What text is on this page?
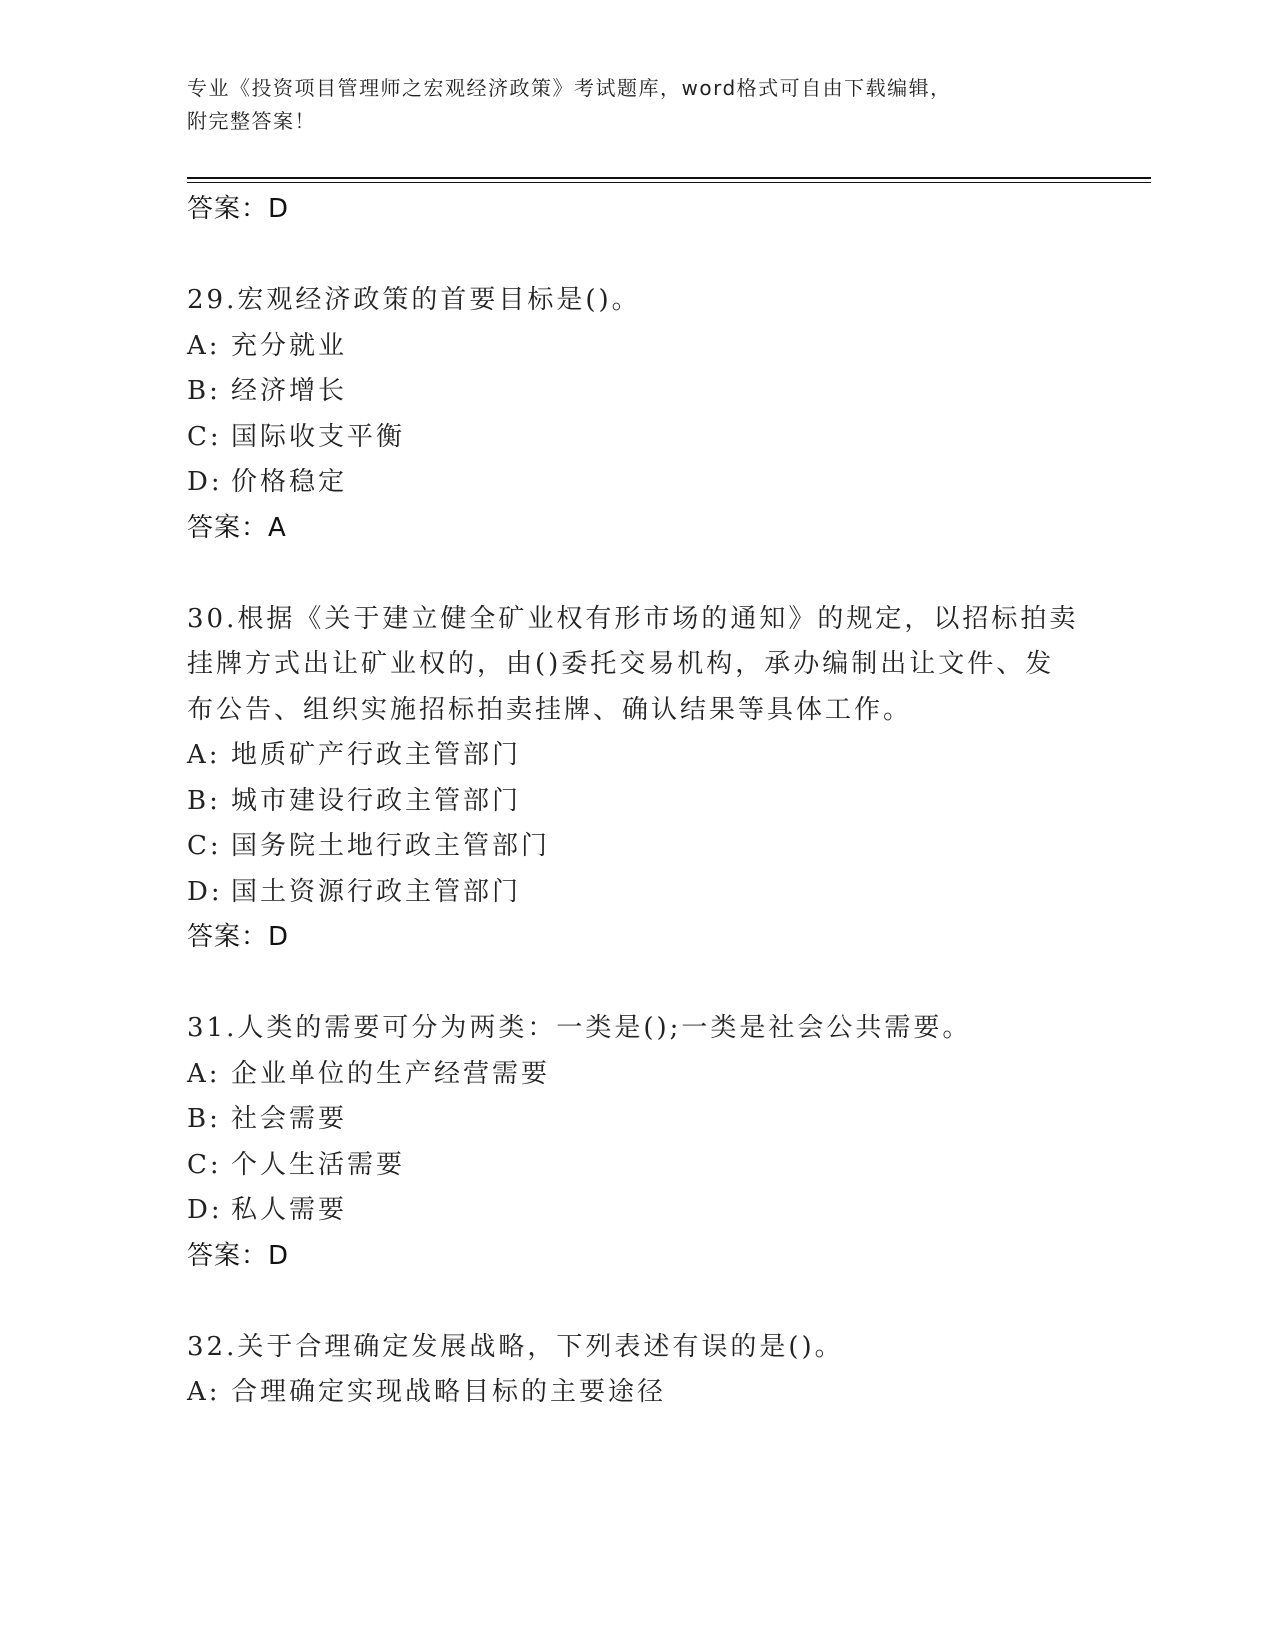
专业《投资项目管理师之宏观经济政策》考试题库，word格式可自由下载编辑，
附完整答案！
答案：D
29.宏观经济政策的首要目标是()。
A: 充分就业
B: 经济增长
C: 国际收支平衡
D: 价格稳定
答案：A
30.根据《关于建立健全矿业权有形市场的通知》的规定，以招标拍卖
挂牌方式出让矿业权的，由()委托交易机构，承办编制出让文件、发
布公告、组织实施招标拍卖挂牌、确认结果等具体工作。
A: 地质矿产行政主管部门
B: 城市建设行政主管部门
C: 国务院土地行政主管部门
D: 国土资源行政主管部门
答案：D
31.人类的需要可分为两类：一类是();一类是社会公共需要。
A: 企业单位的生产经营需要
B: 社会需要
C: 个人生活需要
D: 私人需要
答案：D
32.关于合理确定发展战略，下列表述有误的是()。
A: 合理确定实现战略目标的主要途径
